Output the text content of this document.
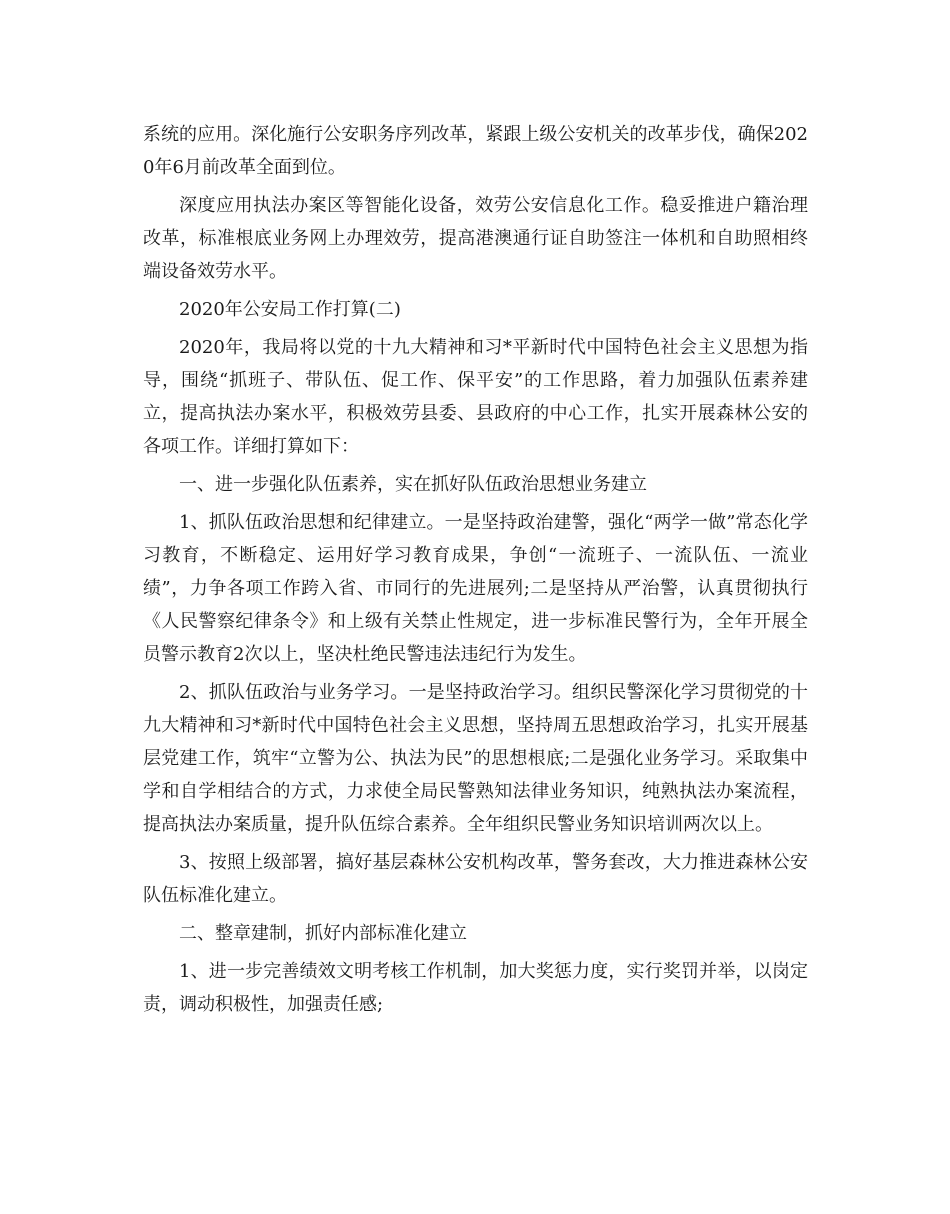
系统的应用。深化施行公安职务序列改革，紧跟上级公安机关的改革步伐，确保2020年6月前改革全面到位。

深度应用执法办案区等智能化设备，效劳公安信息化工作。稳妥推进户籍治理改革，标准根底业务网上办理效劳，提高港澳通行证自助签注一体机和自助照相终端设备效劳水平。

2020年公安局工作打算(二)

2020年，我局将以党的十九大精神和习*平新时代中国特色社会主义思想为指导，围绕“抓班子、带队伍、促工作、保平安”的工作思路，着力加强队伍素养建立，提高执法办案水平，积极效劳县委、县政府的中心工作，扎实开展森林公安的各项工作。详细打算如下：

一、进一步强化队伍素养，实在抓好队伍政治思想业务建立

1、抓队伍政治思想和纪律建立。一是坚持政治建警，强化“两学一做”常态化学习教育，不断稳定、运用好学习教育成果，争创“一流班子、一流队伍、一流业绩”，力争各项工作跨入省、市同行的先进展列;二是坚持从严治警，认真贯彻执行《人民警察纪律条令》和上级有关禁止性规定，进一步标准民警行为，全年开展全员警示教育2次以上，坚决杜绝民警违法违纪行为发生。

2、抓队伍政治与业务学习。一是坚持政治学习。组织民警深化学习贯彻党的十九大精神和习*新时代中国特色社会主义思想，坚持周五思想政治学习，扎实开展基层党建工作，筑牢“立警为公、执法为民”的思想根底;二是强化业务学习。采取集中学和自学相结合的方式，力求使全局民警熟知法律业务知识，纯熟执法办案流程，提高执法办案质量，提升队伍综合素养。全年组织民警业务知识培训两次以上。

3、按照上级部署，搞好基层森林公安机构改革，警务套改，大力推进森林公安队伍标准化建立。

二、整章建制，抓好内部标准化建立

1、进一步完善绩效文明考核工作机制，加大奖惩力度，实行奖罚并举，以岗定责，调动积极性，加强责任感;
